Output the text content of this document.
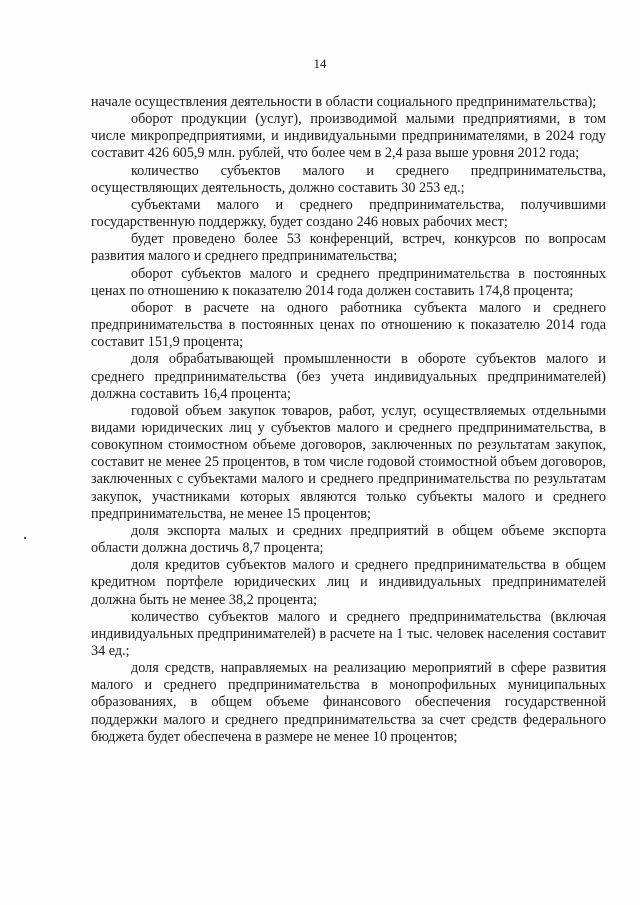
14

начале осуществления деятельности в области социального предпринимательства);

оборот продукции (услуг), производимой малыми предприятиями, в том числе микропредприятиями, и индивидуальными предпринимателями, в 2024 году составит 426 605,9 млн. рублей, что более чем в 2,4 раза выше уровня 2012 года;

количество субъектов малого и среднего предпринимательства, осуществляющих деятельность, должно составить 30 253 ед.;

субъектами малого и среднего предпринимательства, получившими государственную поддержку, будет создано 246 новых рабочих мест;

будет проведено более 53 конференций, встреч, конкурсов по вопросам развития малого и среднего предпринимательства;

оборот субъектов малого и среднего предпринимательства в постоянных ценах по отношению к показателю 2014 года должен составить 174,8 процента;

оборот в расчете на одного работника субъекта малого и среднего предпринимательства в постоянных ценах по отношению к показателю 2014 года составит 151,9 процента;

доля обрабатывающей промышленности в обороте субъектов малого и среднего предпринимательства (без учета индивидуальных предпринимателей) должна составить 16,4 процента;

годовой объем закупок товаров, работ, услуг, осуществляемых отдельными видами юридических лиц у субъектов малого и среднего предпринимательства, в совокупном стоимостном объеме договоров, заключенных по результатам закупок, составит не менее 25 процентов, в том числе годовой стоимостной объем договоров, заключенных с субъектами малого и среднего предпринимательства по результатам закупок, участниками которых являются только субъекты малого и среднего предпринимательства, не менее 15 процентов;

доля экспорта малых и средних предприятий в общем объеме экспорта области должна достичь 8,7 процента;

доля кредитов субъектов малого и среднего предпринимательства в общем кредитном портфеле юридических лиц и индивидуальных предпринимателей должна быть не менее 38,2 процента;

количество субъектов малого и среднего предпринимательства (включая индивидуальных предпринимателей) в расчете на 1 тыс. человек населения составит 34 ед.;

доля средств, направляемых на реализацию мероприятий в сфере развития малого и среднего предпринимательства в монопрофильных муниципальных образованиях, в общем объеме финансового обеспечения государственной поддержки малого и среднего предпринимательства за счет средств федерального бюджета будет обеспечена в размере не менее 10 процентов;
